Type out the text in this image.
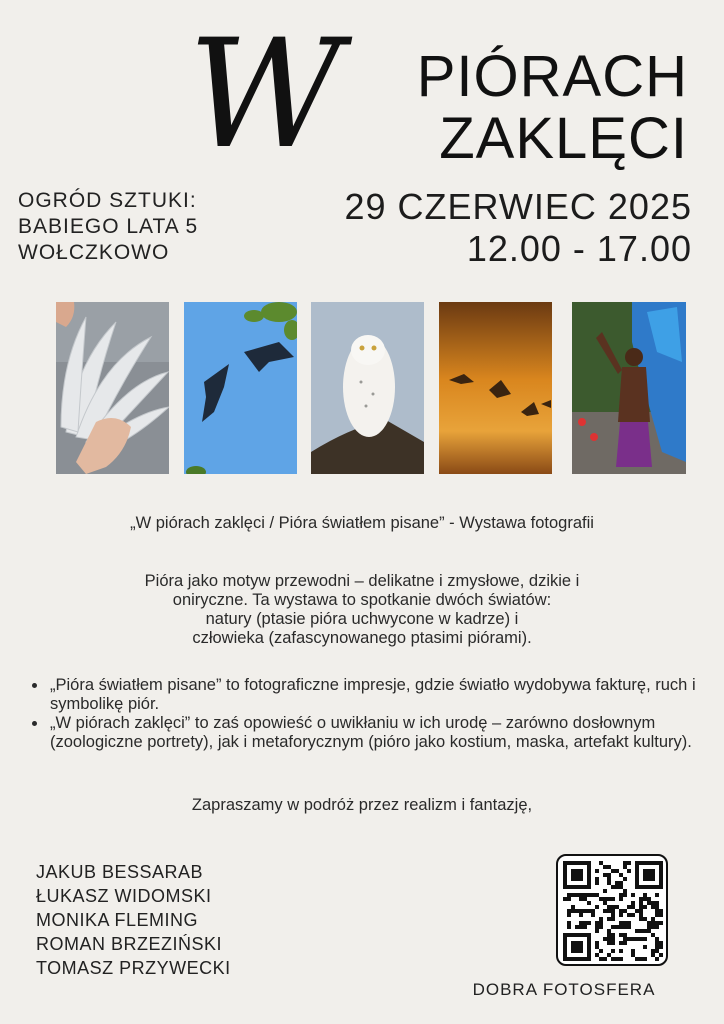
W PIÓRACH
ZAKLĘCI
OGRÓD SZTUKI:
BABIEGO LATA 5
WOŁCZKOWO
29 CZERWIEC 2025
12.00 - 17.00
„W piórach zaklęci / Pióra światłem pisane” - Wystawa fotografii

Pióra jako motyw przewodni – delikatne i zmysłowe, dzikie i

oniryczne. Ta wystawa to spotkanie dwóch światów:

natury (ptasie pióra uchwycone w kadrze) i

człowieka (zafascynowanego ptasimi piórami).

• „Pióra światłem pisane” to fotograficzne impresje, gdzie światło wydobywa fakturę, ruch i symbolikę piór.
• „W piórach zaklęci” to zaś opowieść o uwikłaniu w ich urodę – zarówno dosłownym (zoologiczne portrety), jak i metaforycznym (pióro jako kostium, maska, artefakt kultury).
Zapraszamy w podróż przez realizm i fantazję,
JAKUB BESSARAB
ŁUKASZ WIDOMSKI
MONIKA FLEMING
ROMAN BRZEZIŃSKI
TOMASZ PRZYWECKI
DOBRA FOTOSFERA
